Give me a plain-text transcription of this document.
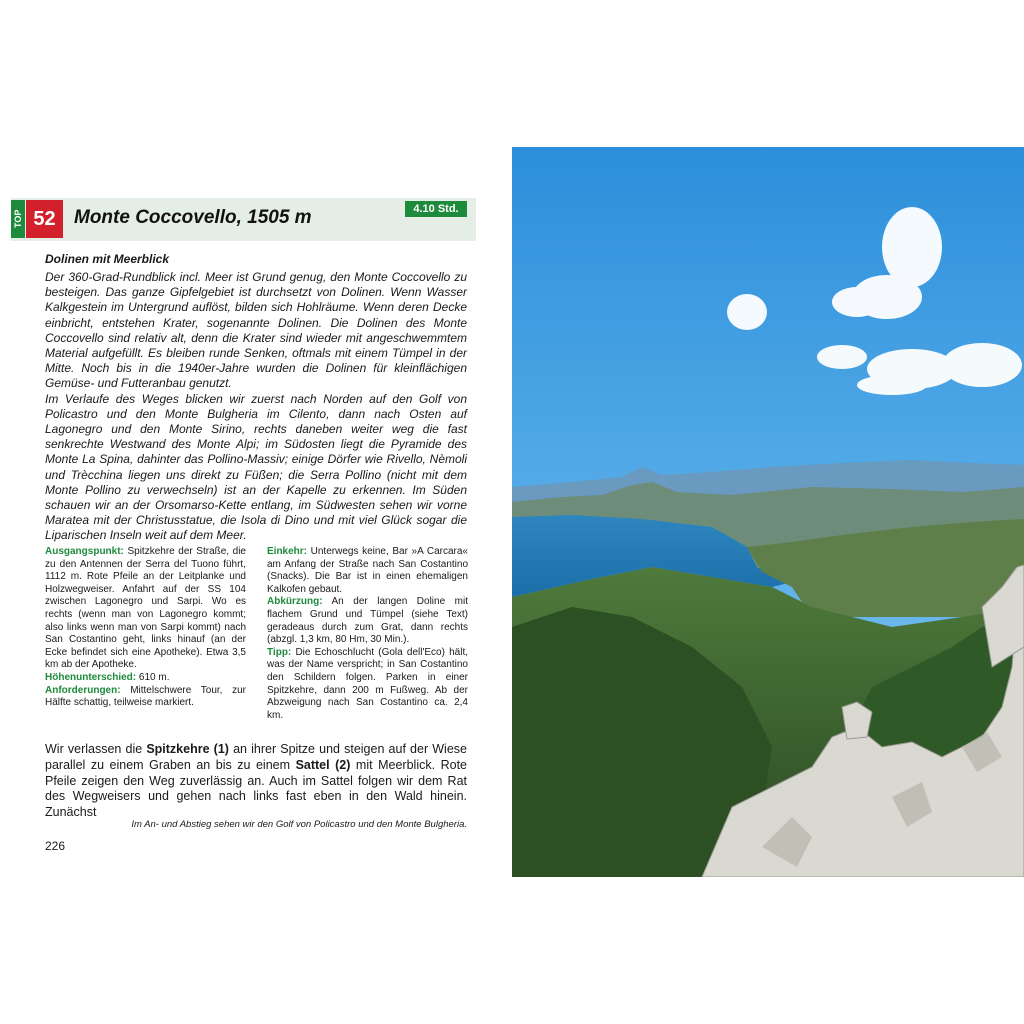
TOP 52 Monte Coccovello, 1505 m	4.10 Std.
Dolinen mit Meerblick

Der 360-Grad-Rundblick incl. Meer ist Grund genug, den Monte Coccovello zu besteigen. Das ganze Gipfelgebiet ist durchsetzt von Dolinen. Wenn Wasser Kalkgestein im Untergrund auflöst, bilden sich Hohlräume. Wenn deren Decke einbricht, entstehen Krater, sogenannte Dolinen. Die Dolinen des Monte Coccovello sind relativ alt, denn die Krater sind wieder mit angeschwemmtem Material aufgefüllt. Es bleiben runde Senken, oftmals mit einem Tümpel in der Mitte. Noch bis in die 1940er-Jahre wurden die Dolinen für kleinflächigen Gemüse- und Futteranbau genutzt.

Im Verlaufe des Weges blicken wir zuerst nach Norden auf den Golf von Policastro und den Monte Bulgheria im Cilento, dann nach Osten auf Lagonegro und den Monte Sirino, rechts daneben weiter weg die fast senkrechte Westwand des Monte Alpi; im Südosten liegt die Pyramide des Monte La Spina, dahinter das Pollino-Massiv; einige Dörfer wie Rivello, Nèmoli und Trècchina liegen uns direkt zu Füßen; die Serra Pollino (nicht mit dem Monte Pollino zu verwechseln) ist an der Kapelle zu erkennen. Im Süden schauen wir an der Orsomarso-Kette entlang, im Südwesten sehen wir vorne Maratea mit der Christusstatue, die Isola di Dino und mit viel Glück sogar die Liparischen Inseln weit auf dem Meer.

Ausgangspunkt: Spitzkehre der Straße, die zu den Antennen der Serra del Tuono führt, 1112 m. Rote Pfeile an der Leitplanke und Holzwegweiser. Anfahrt auf der SS 104 zwischen Lagonegro und Sarpi. Wo es rechts (wenn man von Lagonegro kommt; also links wenn man von Sarpi kommt) nach San Costantino geht, links hinauf (an der Ecke befindet sich eine Apotheke). Etwa 3,5 km ab der Apotheke.

Höhenunterschied: 610 m.

Anforderungen: Mittelschwere Tour, zur Hälfte schattig, teilweise markiert.

Einkehr: Unterwegs keine, Bar »A Carcara« am Anfang der Straße nach San Costantino (Snacks). Die Bar ist in einen ehemaligen Kalkofen gebaut.

Abkürzung: An der langen Doline mit flachem Grund und Tümpel (siehe Text) geradeaus durch zum Grat, dann rechts (abzgl. 1,3 km, 80 Hm, 30 Min.).

Tipp: Die Echoschlucht (Gola dell'Eco) hält, was der Name verspricht; in San Costantino den Schildern folgen. Parken in einer Spitzkehre, dann 200 m Fußweg. Ab der Abzweigung nach San Costantino ca. 2,4 km.

Wir verlassen die Spitzkehre (1) an ihrer Spitze und steigen auf der Wiese parallel zu einem Graben an bis zu einem Sattel (2) mit Meerblick. Rote Pfeile zeigen den Weg zuverlässig an. Auch im Sattel folgen wir dem Rat des Wegweisers und gehen nach links fast eben in den Wald hinein. Zunächst

Im An- und Abstieg sehen wir den Golf von Policastro und den Monte Bulgheria.
226
